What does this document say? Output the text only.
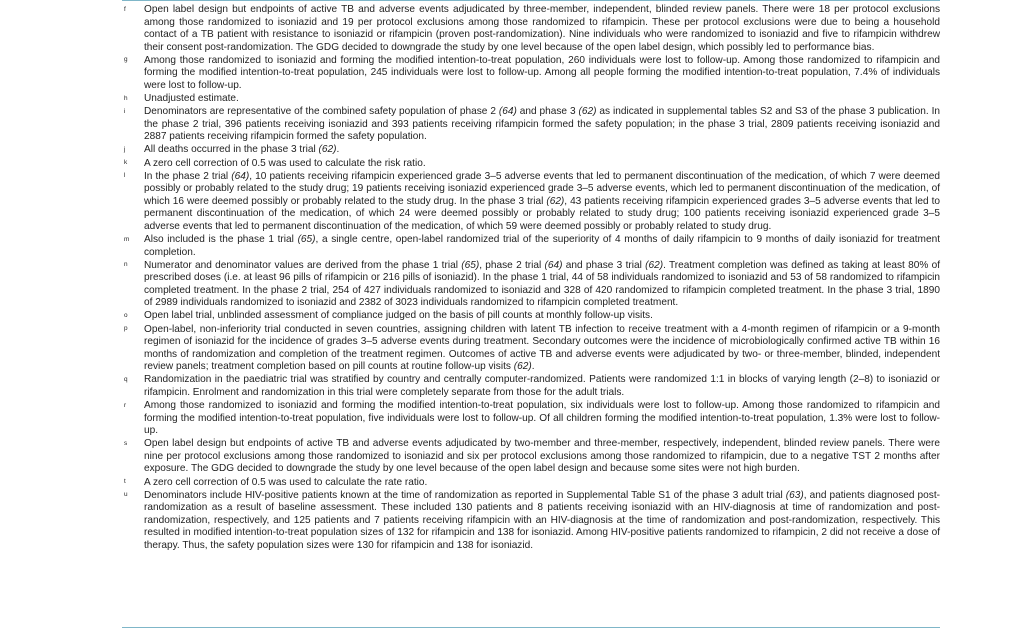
f	Open label design but endpoints of active TB and adverse events adjudicated by three-member, independent, blinded review panels. There were 18 per protocol exclusions among those randomized to isoniazid and 19 per protocol exclusions among those randomized to rifampicin. These per protocol exclusions were due to being a household contact of a TB patient with resistance to isoniazid or rifampicin (proven post-randomization). Nine individuals who were randomized to isoniazid and five to rifampicin withdrew their consent post-randomization. The GDG decided to downgrade the study by one level because of the open label design, which possibly led to performance bias.
g	Among those randomized to isoniazid and forming the modified intention-to-treat population, 260 individuals were lost to follow-up. Among those randomized to rifampicin and forming the modified intention-to-treat population, 245 individuals were lost to follow-up. Among all people forming the modified intention-to-treat population, 7.4% of individuals were lost to follow-up.
h	Unadjusted estimate.
i	Denominators are representative of the combined safety population of phase 2 (64) and phase 3 (62) as indicated in supplemental tables S2 and S3 of the phase 3 publication. In the phase 2 trial, 396 patients receiving isoniazid and 393 patients receiving rifampicin formed the safety population; in the phase 3 trial, 2809 patients receiving isoniazid and 2887 patients receiving rifampicin formed the safety population.
j	All deaths occurred in the phase 3 trial (62).
k	A zero cell correction of 0.5 was used to calculate the risk ratio.
l	In the phase 2 trial (64), 10 patients receiving rifampicin experienced grade 3–5 adverse events that led to permanent discontinuation of the medication, of which 7 were deemed possibly or probably related to the study drug; 19 patients receiving isoniazid experienced grade 3–5 adverse events, which led to permanent discontinuation of the medication, of which 16 were deemed possibly or probably related to the study drug. In the phase 3 trial (62), 43 patients receiving rifampicin experienced grades 3–5 adverse events that led to permanent discontinuation of the medication, of which 24 were deemed possibly or probably related to study drug; 100 patients receiving isoniazid experienced grade 3–5 adverse events that led to permanent discontinuation of the medication, of which 59 were deemed possibly or probably related to study drug.
m	Also included is the phase 1 trial (65), a single centre, open-label randomized trial of the superiority of 4 months of daily rifampicin to 9 months of daily isoniazid for treatment completion.
n	Numerator and denominator values are derived from the phase 1 trial (65), phase 2 trial (64) and phase 3 trial (62). Treatment completion was defined as taking at least 80% of prescribed doses (i.e. at least 96 pills of rifampicin or 216 pills of isoniazid). In the phase 1 trial, 44 of 58 individuals randomized to isoniazid and 53 of 58 randomized to rifampicin completed treatment. In the phase 2 trial, 254 of 427 individuals randomized to isoniazid and 328 of 420 randomized to rifampicin completed treatment. In the phase 3 trial, 1890 of 2989 individuals randomized to isoniazid and 2382 of 3023 individuals randomized to rifampicin completed treatment.
o	Open label trial, unblinded assessment of compliance judged on the basis of pill counts at monthly follow-up visits.
p	Open-label, non-inferiority trial conducted in seven countries, assigning children with latent TB infection to receive treatment with a 4-month regimen of rifampicin or a 9-month regimen of isoniazid for the incidence of grades 3–5 adverse events during treatment. Secondary outcomes were the incidence of microbiologically confirmed active TB within 16 months of randomization and completion of the treatment regimen. Outcomes of active TB and adverse events were adjudicated by two- or three-member, blinded, independent review panels; treatment completion based on pill counts at routine follow-up visits (62).
q	Randomization in the paediatric trial was stratified by country and centrally computer-randomized. Patients were randomized 1:1 in blocks of varying length (2–8) to isoniazid or rifampicin. Enrolment and randomization in this trial were completely separate from those for the adult trials.
r	Among those randomized to isoniazid and forming the modified intention-to-treat population, six individuals were lost to follow-up. Among those randomized to rifampicin and forming the modified intention-to-treat population, five individuals were lost to follow-up. Of all children forming the modified intention-to-treat population, 1.3% were lost to follow-up.
s	Open label design but endpoints of active TB and adverse events adjudicated by two-member and three-member, respectively, independent, blinded review panels. There were nine per protocol exclusions among those randomized to isoniazid and six per protocol exclusions among those randomized to rifampicin, due to a negative TST 2 months after exposure. The GDG decided to downgrade the study by one level because of the open label design and because some sites were not high burden.
t	A zero cell correction of 0.5 was used to calculate the rate ratio.
u	Denominators include HIV-positive patients known at the time of randomization as reported in Supplemental Table S1 of the phase 3 adult trial (63), and patients diagnosed post-randomization as a result of baseline assessment. These included 130 patients and 8 patients receiving isoniazid with an HIV-diagnosis at time of randomization and post-randomization, respectively, and 125 patients and 7 patients receiving rifampicin with an HIV-diagnosis at the time of randomization and post-randomization, respectively. This resulted in modified intention-to-treat population sizes of 132 for rifampicin and 138 for isoniazid. Among HIV-positive patients randomized to rifampicin, 2 did not receive a dose of therapy. Thus, the safety population sizes were 130 for rifampicin and 138 for isoniazid.
